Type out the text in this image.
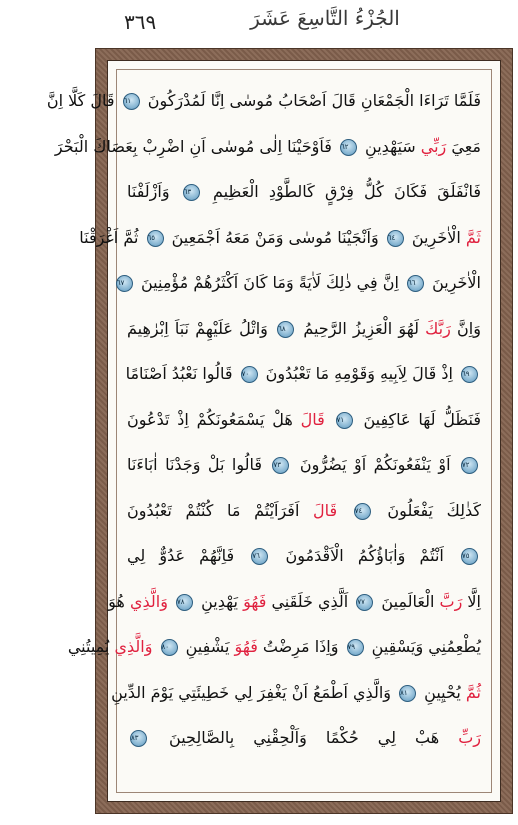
٣٦٩	الجُزْءُ التَّاسِعَ عَشَرَ
فَلَمَّا تَرَاءَا الْجَمْعَانِ قَالَ اَصْحَابُ مُوسٰى اِنَّا لَمُدْرَكُونَ ٦١ قَالَ كَلَّا اِنَّ
مَعِيَ رَبِّي سَيَهْدِينِ ٦٢ فَاَوْحَيْنَا اِلٰى مُوسٰى اَنِ اضْرِبْ بِعَصَاكَ الْبَحْرَ
فَانْفَلَقَ فَكَانَ كُلُّ فِرْقٍ كَالطَّوْدِ الْعَظِيمِ ٦٣ وَاَزْلَفْنَا
ثَمَّ الْاٰخَرِينَ ٦٤ وَاَنْجَيْنَا مُوسٰى وَمَنْ مَعَهُ اَجْمَعِينَ ٦٥ ثُمَّ اَغْرَقْنَا
الْاٰخَرِينَ ٦٦ اِنَّ فِي ذٰلِكَ لَاٰيَةً وَمَا كَانَ اَكْثَرُهُمْ مُؤْمِنِينَ ٦٧
وَاِنَّ رَبَّكَ لَهُوَ الْعَزِيزُ الرَّحِيمُ ٦٨ وَاتْلُ عَلَيْهِمْ نَبَاَ اِبْرٰهِيمَ
٦٩ اِذْ قَالَ لِاَبِيهِ وَقَوْمِهِ مَا تَعْبُدُونَ ٧٠ قَالُوا نَعْبُدُ اَصْنَامًا
فَنَظَلُّ لَهَا عَاكِفِينَ ٧١ قَالَ هَلْ يَسْمَعُونَكُمْ اِذْ تَدْعُونَ
٧٢ اَوْ يَنْفَعُونَكُمْ اَوْ يَضُرُّونَ ٧٣ قَالُوا بَلْ وَجَدْنَا اٰبَاءَنَا
كَذٰلِكَ يَفْعَلُونَ ٧٤ قَالَ اَفَرَاَيْتُمْ مَا كُنْتُمْ تَعْبُدُونَ
٧٥ اَنْتُمْ وَاٰبَاؤُكُمُ الْاَقْدَمُونَ ٧٦ فَاِنَّهُمْ عَدُوٌّ لِي
اِلَّا رَبَّ الْعَالَمِينَ ٧٧ اَلَّذِي خَلَقَنِي فَهُوَ يَهْدِينِ ٧٨ وَالَّذِي هُوَ
يُطْعِمُنِي وَيَسْقِينِ ٧٩ وَاِذَا مَرِضْتُ فَهُوَ يَشْفِينِ ٨٠ وَالَّذِي يُمِيتُنِي
ثُمَّ يُحْيِينِ ٨١ وَالَّذِي اَطْمَعُ اَنْ يَغْفِرَ لِي خَطِيئَتِي يَوْمَ الدِّينِ
رَبِّ هَبْ لِي حُكْمًا وَاَلْحِقْنِي بِالصَّالِحِينَ ٨٣
